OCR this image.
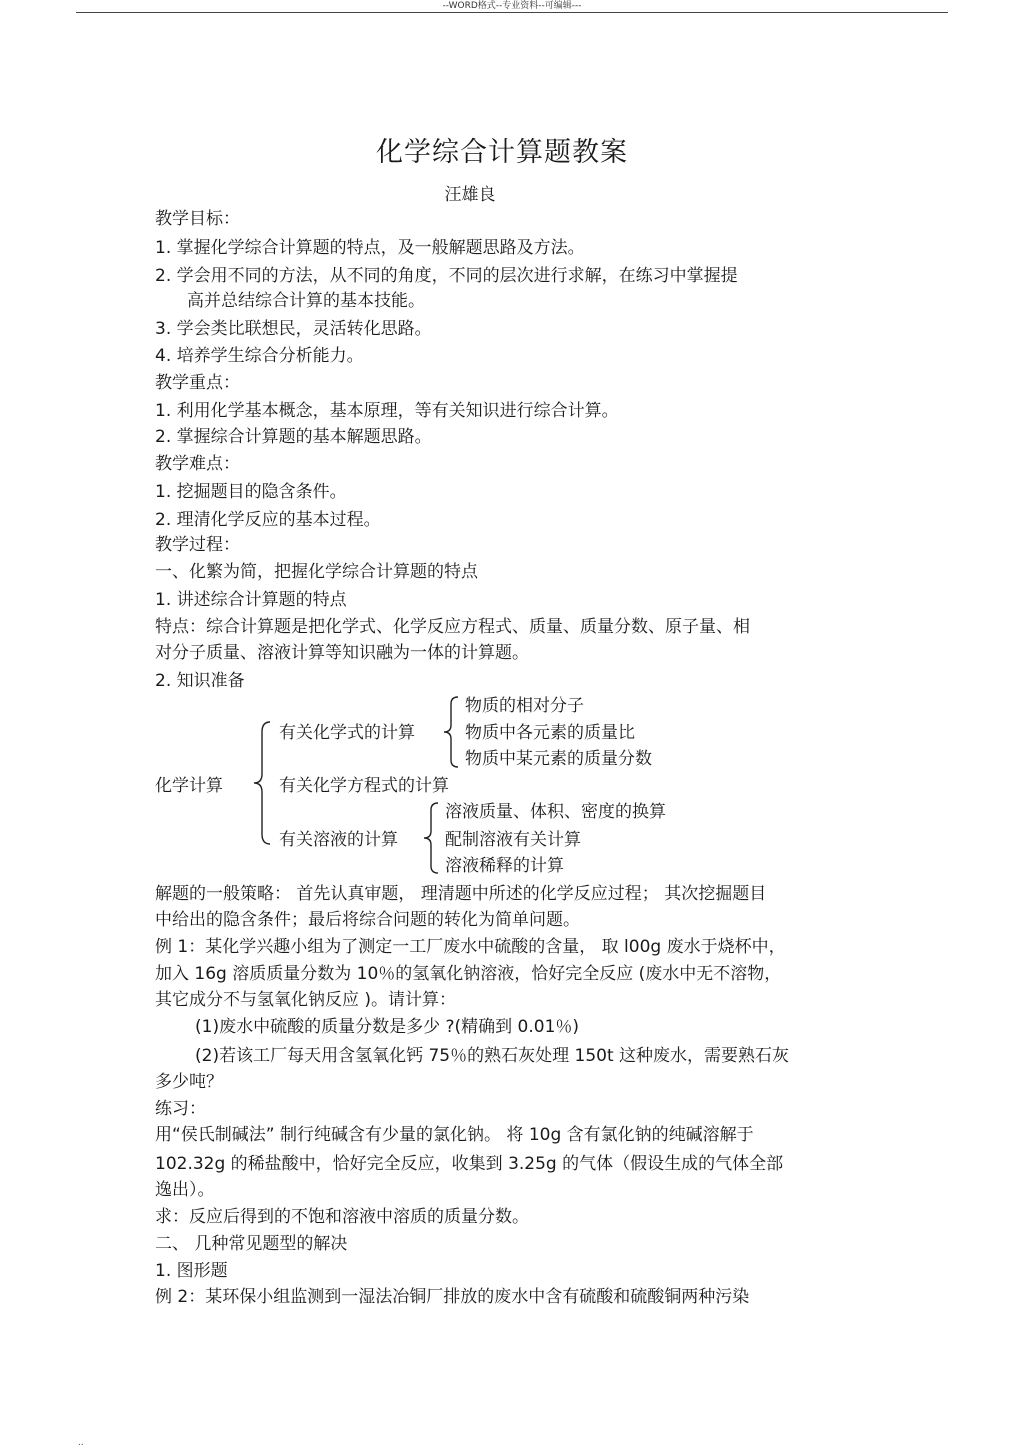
--WORD格式--专业资料--可编辑---
化学综合计算题教案
汪雄良
教学目标：
1. 掌握化学综合计算题的特点，及一般解题思路及方法。
2. 学会用不同的方法，从不同的角度，不同的层次进行求解，在练习中掌握提
高并总结综合计算的基本技能。
3. 学会类比联想民，灵活转化思路。
4. 培养学生综合分析能力。
教学重点：
1. 利用化学基本概念，基本原理，等有关知识进行综合计算。
2. 掌握综合计算题的基本解题思路。
教学难点：
1. 挖掘题目的隐含条件。
2. 理清化学反应的基本过程。
教学过程：
一、化繁为简，把握化学综合计算题的特点
1. 讲述综合计算题的特点
特点：综合计算题是把化学式、化学反应方程式、质量、质量分数、原子量、相
对分子质量、溶液计算等知识融为一体的计算题。
2. 知识准备
化学计算
有关化学式的计算
物质的相对分子
物质中各元素的质量比
物质中某元素的质量分数
有关化学方程式的计算
有关溶液的计算
溶液质量、体积、密度的换算
配制溶液有关计算
溶液稀释的计算
解题的一般策略： 首先认真审题， 理清题中所述的化学反应过程； 其次挖掘题目
中给出的隐含条件；最后将综合问题的转化为简单问题。
例 1：某化学兴趣小组为了测定一工厂废水中硫酸的含量， 取 l00g 废水于烧杯中，
加入 16g 溶质质量分数为 10％的氢氧化钠溶液，恰好完全反应 (废水中无不溶物，
其它成分不与氢氧化钠反应 )。请计算：
(1)废水中硫酸的质量分数是多少 ?(精确到 0.01％)
(2)若该工厂每天用含氢氧化钙 75％的熟石灰处理 150t 这种废水，需要熟石灰
多少吨？
练习：
用“侯氏制碱法” 制行纯碱含有少量的氯化钠。 将 10g 含有氯化钠的纯碱溶解于
102.32g 的稀盐酸中，恰好完全反应，收集到 3.25g 的气体（假设生成的气体全部
逸出）。
求：反应后得到的不饱和溶液中溶质的质量分数。
二、 几种常见题型的解决
1. 图形题
例 2：某环保小组监测到一湿法冶铜厂排放的废水中含有硫酸和硫酸铜两种污染
..
